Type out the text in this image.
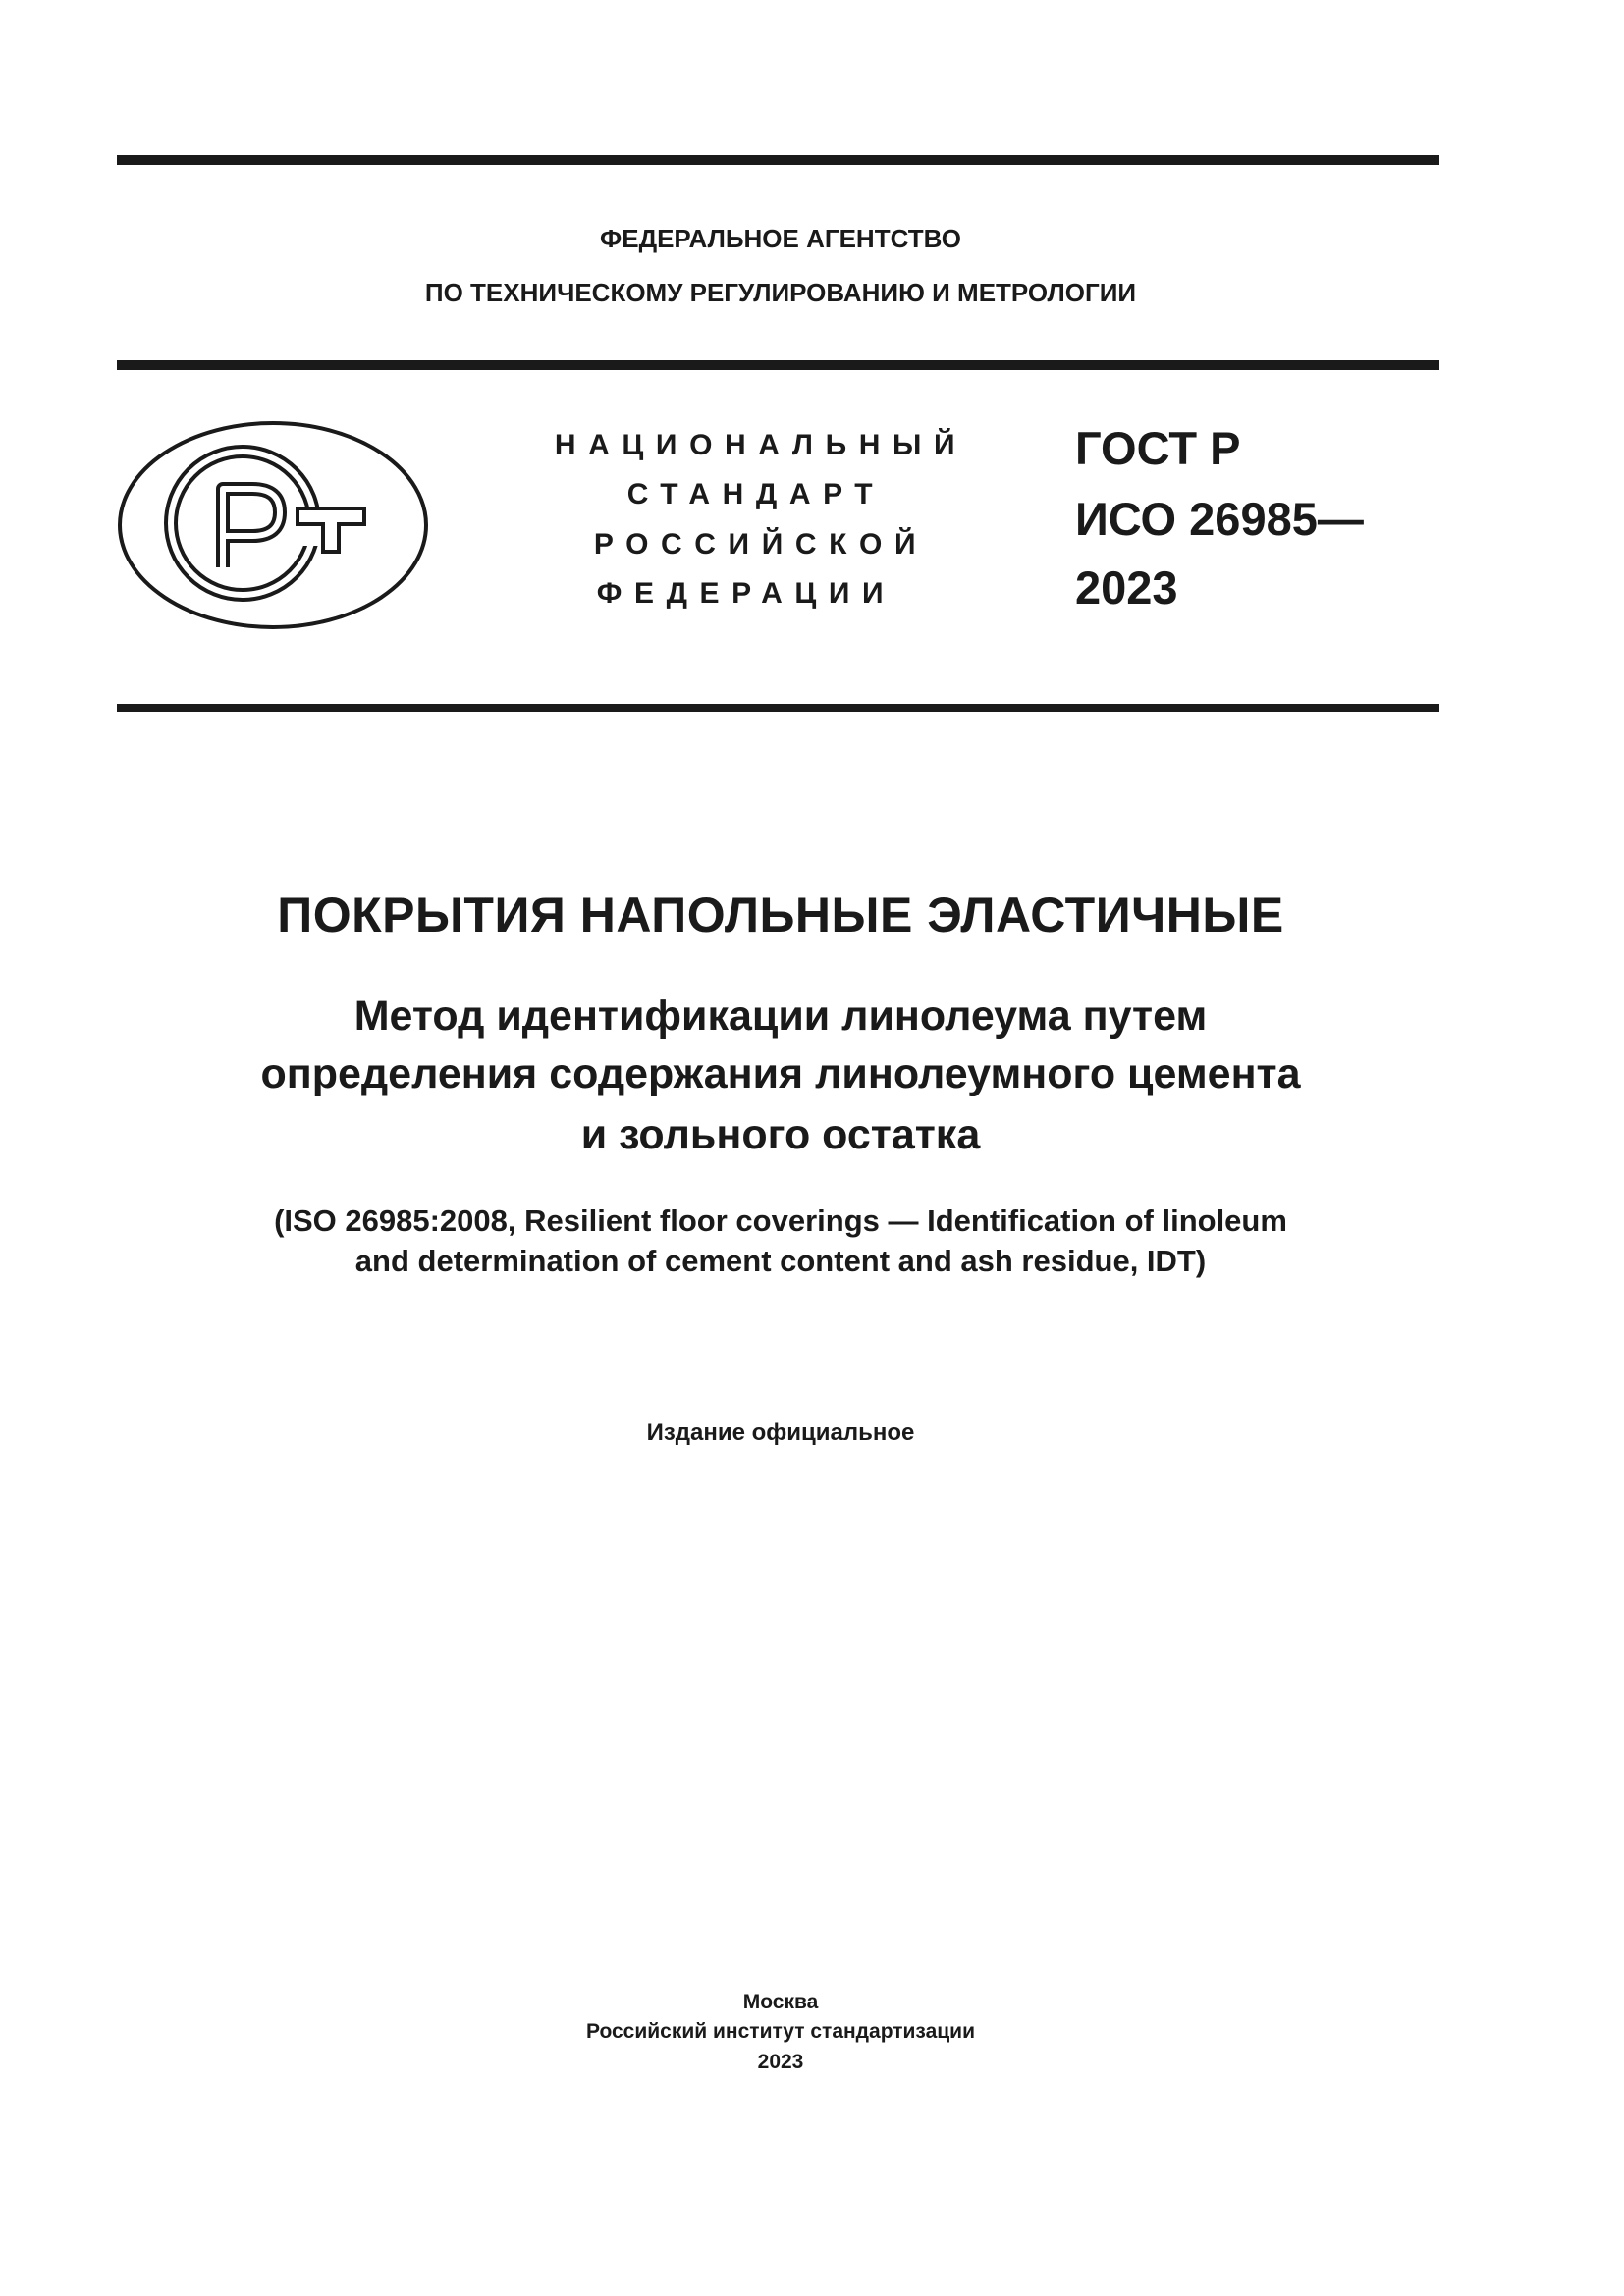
ФЕДЕРАЛЬНОЕ АГЕНТСТВО
ПО ТЕХНИЧЕСКОМУ РЕГУЛИРОВАНИЮ И МЕТРОЛОГИИ
НАЦИОНАЛЬНЫЙ
СТАНДАРТ
РОССИЙСКОЙ
ФЕДЕРАЦИИ
ГОСТ Р
ИСО 26985—
2023
ПОКРЫТИЯ НАПОЛЬНЫЕ ЭЛАСТИЧНЫЕ
Метод идентификации линолеума путем
определения содержания линолеумного цемента
и зольного остатка
(ISO 26985:2008, Resilient floor coverings — Identification of linoleum
and determination of cement content and ash residue, IDT)
Издание официальное
Москва
Российский институт стандартизации
2023
